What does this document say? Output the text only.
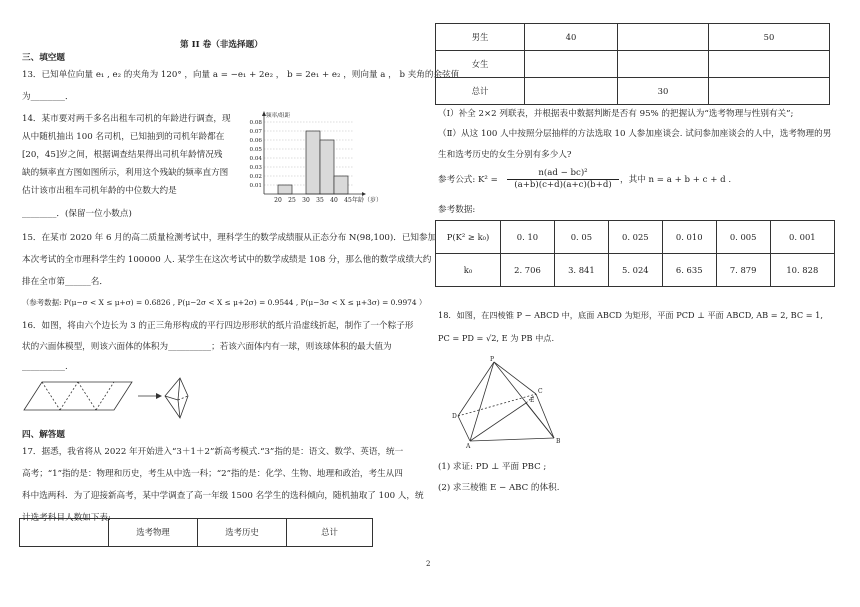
第 II 卷（非选择题）
三、填空题
13．已知单位向量 e₁ , e₂ 的夹角为 120° ，向量 a = −e₁ + 2e₂ ， b = 2e₁ + e₂ ，则向量 a ， b 夹角的余弦值
为________．
14．某市要对两千多名出租车司机的年龄进行调查，现
从中随机抽出 100 名司机，已知抽到的司机年龄都在
[20，45]岁之间，根据调查结果得出司机年龄情况残
缺的频率直方图如图所示，利用这个残缺的频率直方图
估计该市出租车司机年龄的中位数大约是
________．(保留一位小数点)
0.08
0.07
0.06
0.05
0.04
0.03
0.02
0.01
20 25 30 35 40 45
频率/组距
年龄（岁）
15．在某市 2020 年 6 月的高二质量检测考试中，理科学生的数学成绩服从正态分布 N(98,100)．已知参加
本次考试的全市理科学生约 100000 人. 某学生在这次考试中的数学成绩是 108 分，那么他的数学成绩大约
排在全市第______名．
（参考数据: P(μ−σ < X ≤ μ+σ) = 0.6826 , P(μ−2σ < X ≤ μ+2σ) = 0.9544 , P(μ−3σ < X ≤ μ+3σ) = 0.9974 ）
16．如图，将由六个边长为 3 的正三角形构成的平行四边形形状的纸片沿虚线折起，制作了一个粽子形
状的六面体模型，则该六面体的体积为__________；若该六面体内有一球，则该球体积的最大值为
__________.
四、解答题
17．据悉，我省将从 2022 年开始进入“3＋1＋2”新高考模式.“3”指的是：语文、数学、英语，统一
高考；“1”指的是：物理和历史，考生从中选一科；“2”指的是：化学、生物、地理和政治，考生从四
科中选两科．为了迎接新高考，某中学调查了高一年级 1500 名学生的选科倾向，随机抽取了 100 人，统
计选考科目人数如下表:
	选考物理	选考历史	总计
男生	40		50
女生			
总计		30	
（Ⅰ）补全 2×2 列联表，并根据表中数据判断是否有 95% 的把握认为“选考物理与性别有关”;
（Ⅱ）从这 100 人中按照分层抽样的方法选取 10 人参加座谈会. 试问参加座谈会的人中，选考物理的男
生和选考历史的女生分别有多少人?
参考公式: $K^2 = \frac{\text{n(ad − bc)²}}{(a+b)(c+d)(a+c)(b+d)}$ ，其中 n = a + b + c + d .
参考数据:
P(K² ≥ k₀)	0. 10	0. 05	0. 025	0. 010	0. 005	0. 001
k₀	2. 706	3. 841	5. 024	6. 635	7. 879	10. 828
18．如图，在四棱锥 P − ABCD 中，底面 ABCD 为矩形，平面 PCD ⊥ 平面 ABCD, AB = 2, BC = 1,
PC = PD = √2, E 为 PB 中点.
P
E
D
A
B
C
(1) 求证: PD ⊥ 平面 PBC ;
(2) 求三棱锥 E − ABC 的体积.
2
